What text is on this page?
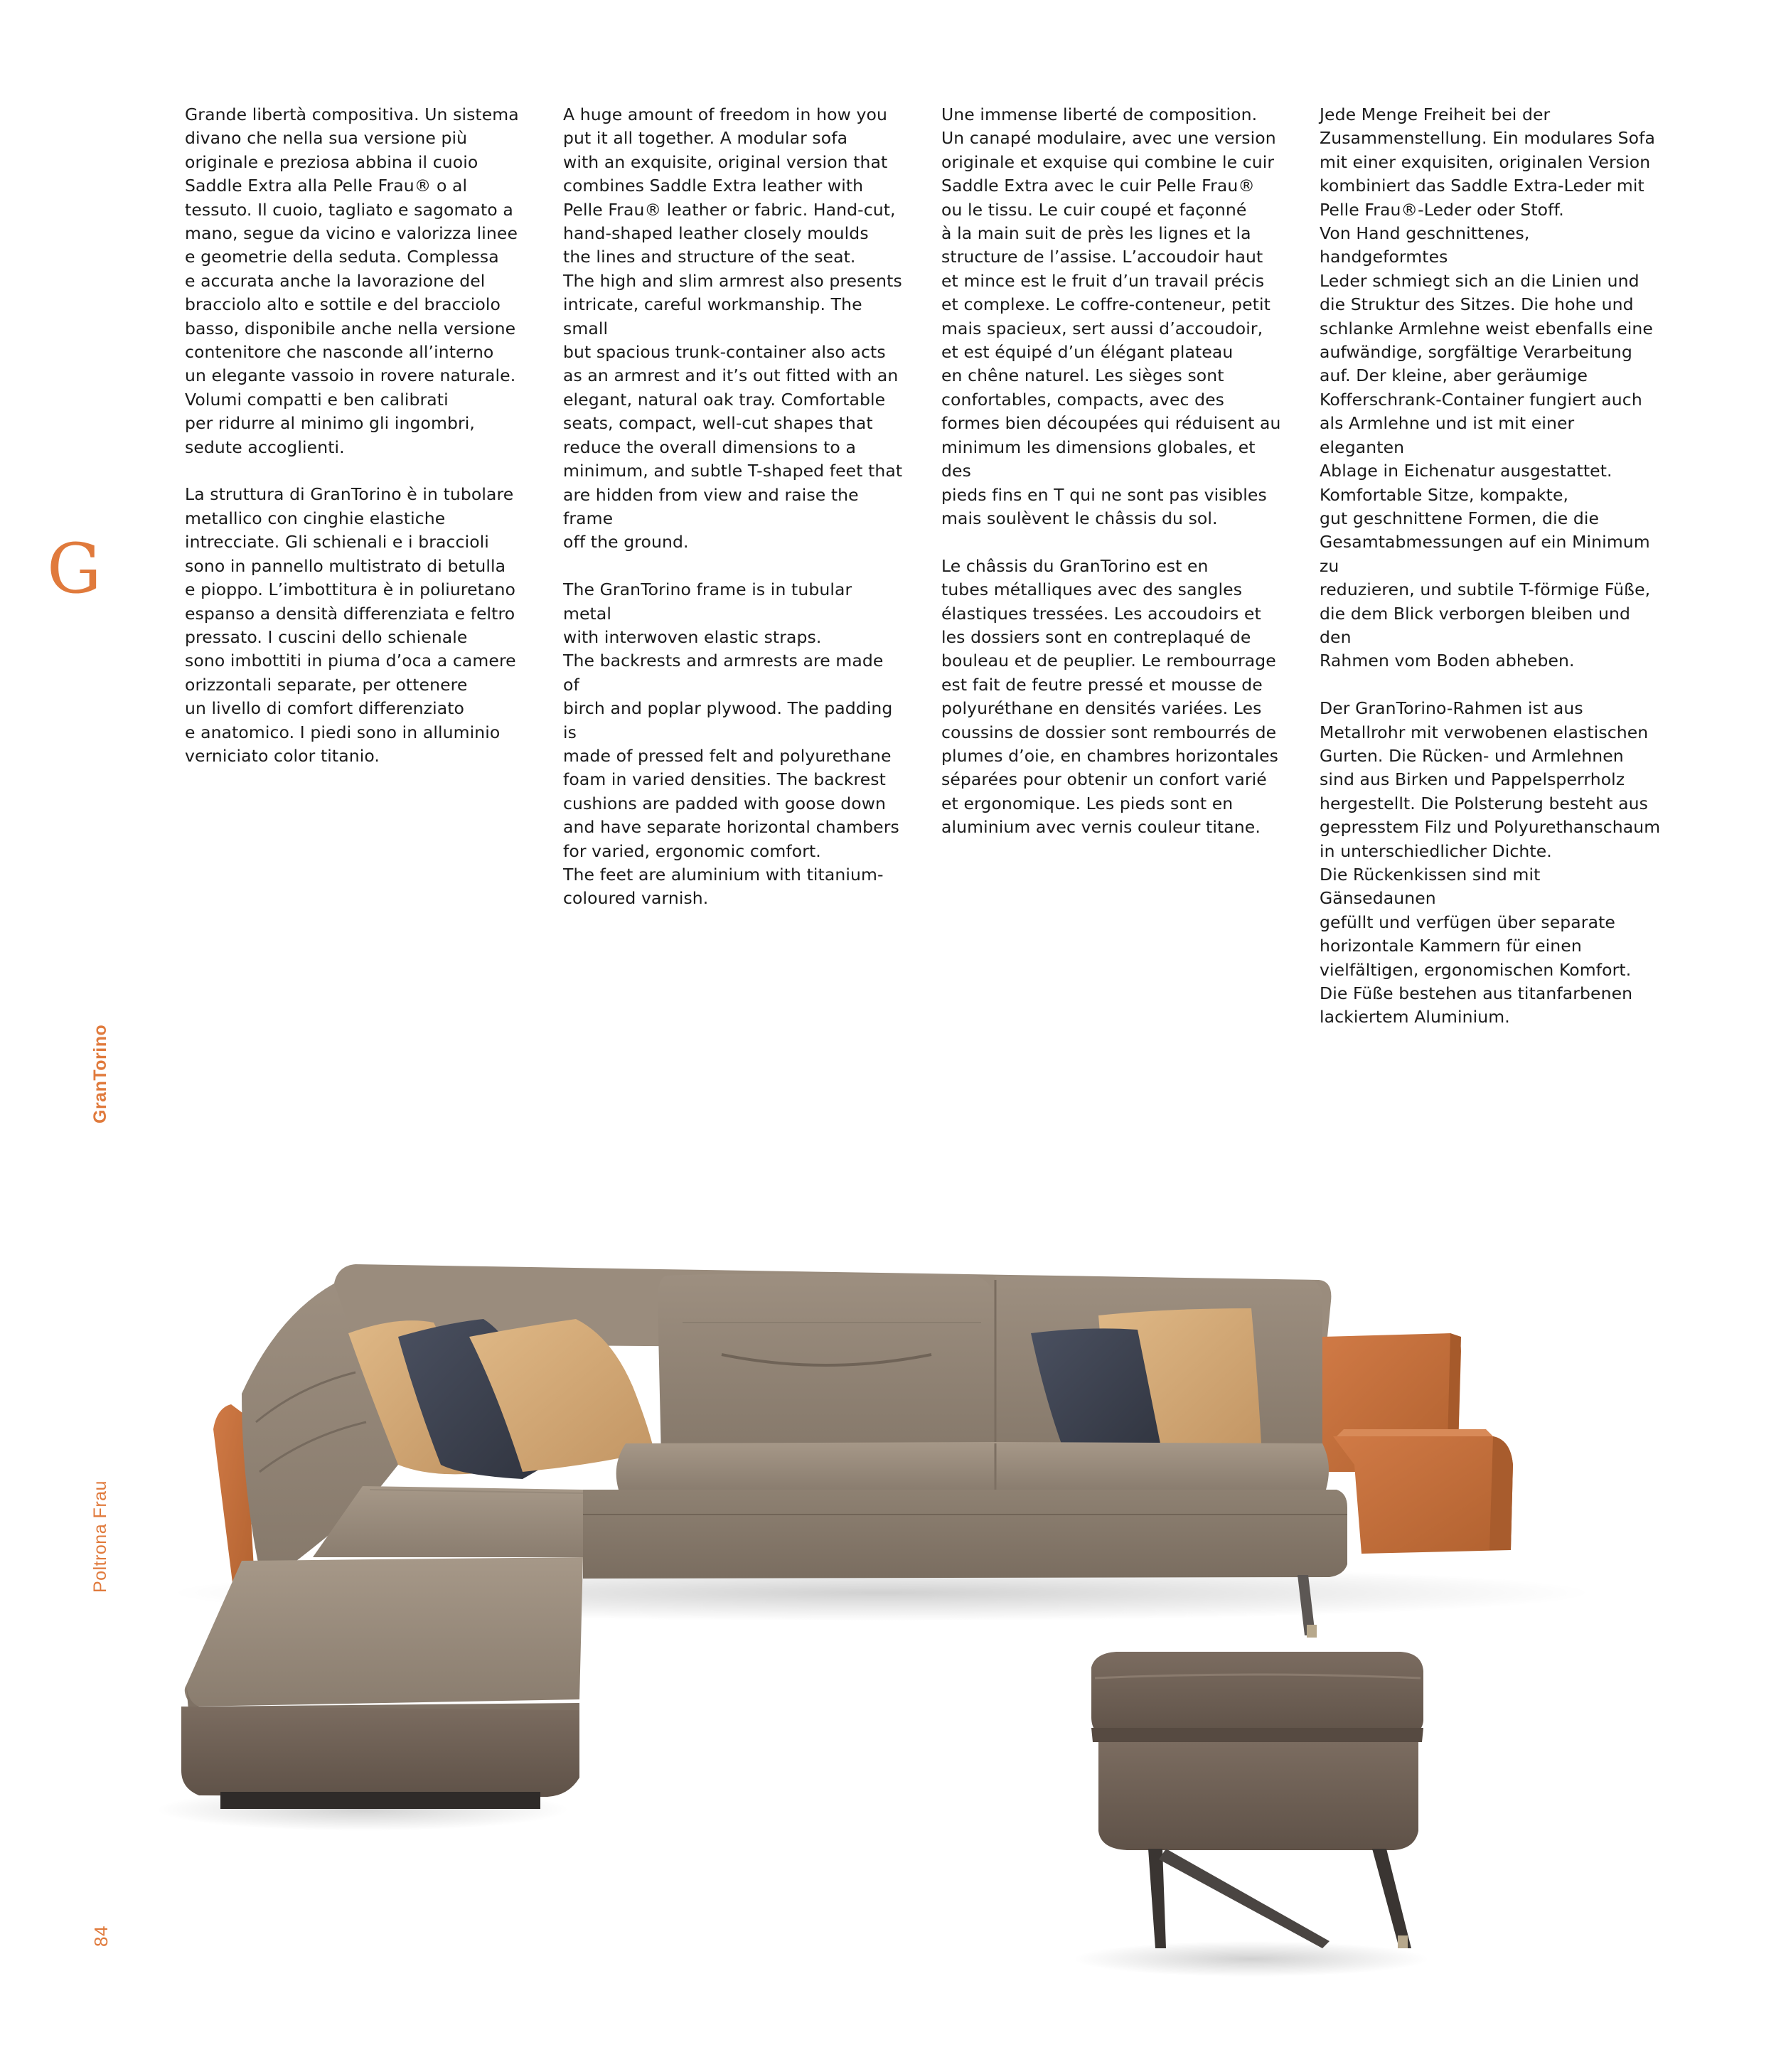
Grande libertà compositiva. Un sistema
divano che nella sua versione più
originale e preziosa abbina il cuoio
Saddle Extra alla Pelle Frau® o al
tessuto. Il cuoio, tagliato e sagomato a
mano, segue da vicino e valorizza linee
e geometrie della seduta. Complessa
e accurata anche la lavorazione del
bracciolo alto e sottile e del bracciolo
basso, disponibile anche nella versione
contenitore che nasconde all’interno
un elegante vassoio in rovere naturale.
Volumi compatti e ben calibrati
per ridurre al minimo gli ingombri,
sedute accoglienti.

La struttura di GranTorino è in tubolare
metallico con cinghie elastiche
intrecciate. Gli schienali e i braccioli
sono in pannello multistrato di betulla
e pioppo. L’imbottitura è in poliuretano
espanso a densità differenziata e feltro
pressato. I cuscini dello schienale
sono imbottiti in piuma d’oca a camere
orizzontali separate, per ottenere
un livello di comfort differenziato
e anatomico. I piedi sono in alluminio
verniciato color titanio.

A huge amount of freedom in how you
put it all together. A modular sofa
with an exquisite, original version that
combines Saddle Extra leather with
Pelle Frau® leather or fabric. Hand-cut,
hand-shaped leather closely moulds
the lines and structure of the seat.
The high and slim armrest also presents
intricate, careful workmanship. The small
but spacious trunk-container also acts
as an armrest and it’s out fitted with an
elegant, natural oak tray. Comfortable
seats, compact, well-cut shapes that
reduce the overall dimensions to a
minimum, and subtle T-shaped feet that
are hidden from view and raise the frame
off the ground.

The GranTorino frame is in tubular metal
with interwoven elastic straps.
The backrests and armrests are made of
birch and poplar plywood. The padding is
made of pressed felt and polyurethane
foam in varied densities. The backrest
cushions are padded with goose down
and have separate horizontal chambers
for varied, ergonomic comfort.
The feet are aluminium with titanium-
coloured varnish.

Une immense liberté de composition.
Un canapé modulaire, avec une version
originale et exquise qui combine le cuir
Saddle Extra avec le cuir Pelle Frau®
ou le tissu. Le cuir coupé et façonné
à la main suit de près les lignes et la
structure de l’assise. L’accoudoir haut
et mince est le fruit d’un travail précis
et complexe. Le coffre-conteneur, petit
mais spacieux, sert aussi d’accoudoir,
et est équipé d’un élégant plateau
en chêne naturel. Les sièges sont
confortables, compacts, avec des
formes bien découpées qui réduisent au
minimum les dimensions globales, et des
pieds fins en T qui ne sont pas visibles
mais soulèvent le châssis du sol.

Le châssis du GranTorino est en
tubes métalliques avec des sangles
élastiques tressées. Les accoudoirs et
les dossiers sont en contreplaqué de
bouleau et de peuplier. Le rembourrage
est fait de feutre pressé et mousse de
polyuréthane en densités variées. Les
coussins de dossier sont rembourrés de
plumes d’oie, en chambres horizontales
séparées pour obtenir un confort varié
et ergonomique. Les pieds sont en
aluminium avec vernis couleur titane.

Jede Menge Freiheit bei der
Zusammenstellung. Ein modulares Sofa
mit einer exquisiten, originalen Version
kombiniert das Saddle Extra-Leder mit
Pelle Frau®-Leder oder Stoff.
Von Hand geschnittenes, handgeformtes
Leder schmiegt sich an die Linien und
die Struktur des Sitzes. Die hohe und
schlanke Armlehne weist ebenfalls eine
aufwändige, sorgfältige Verarbeitung
auf. Der kleine, aber geräumige
Kofferschrank-Container fungiert auch
als Armlehne und ist mit einer eleganten
Ablage in Eichenatur ausgestattet.
Komfortable Sitze, kompakte,
gut geschnittene Formen, die die
Gesamtabmessungen auf ein Minimum zu
reduzieren, und subtile T-förmige Füße,
die dem Blick verborgen bleiben und den
Rahmen vom Boden abheben.

Der GranTorino-Rahmen ist aus
Metallrohr mit verwobenen elastischen
Gurten. Die Rücken- und Armlehnen
sind aus Birken und Pappelsperrholz
hergestellt. Die Polsterung besteht aus
gepresstem Filz und Polyurethanschaum
in unterschiedlicher Dichte.
Die Rückenkissen sind mit Gänsedaunen
gefüllt und verfügen über separate
horizontale Kammern für einen
vielfältigen, ergonomischen Komfort.
Die Füße bestehen aus titanfarbenen
lackiertem Aluminium.

G
GranTorino
Poltrona Frau
84
